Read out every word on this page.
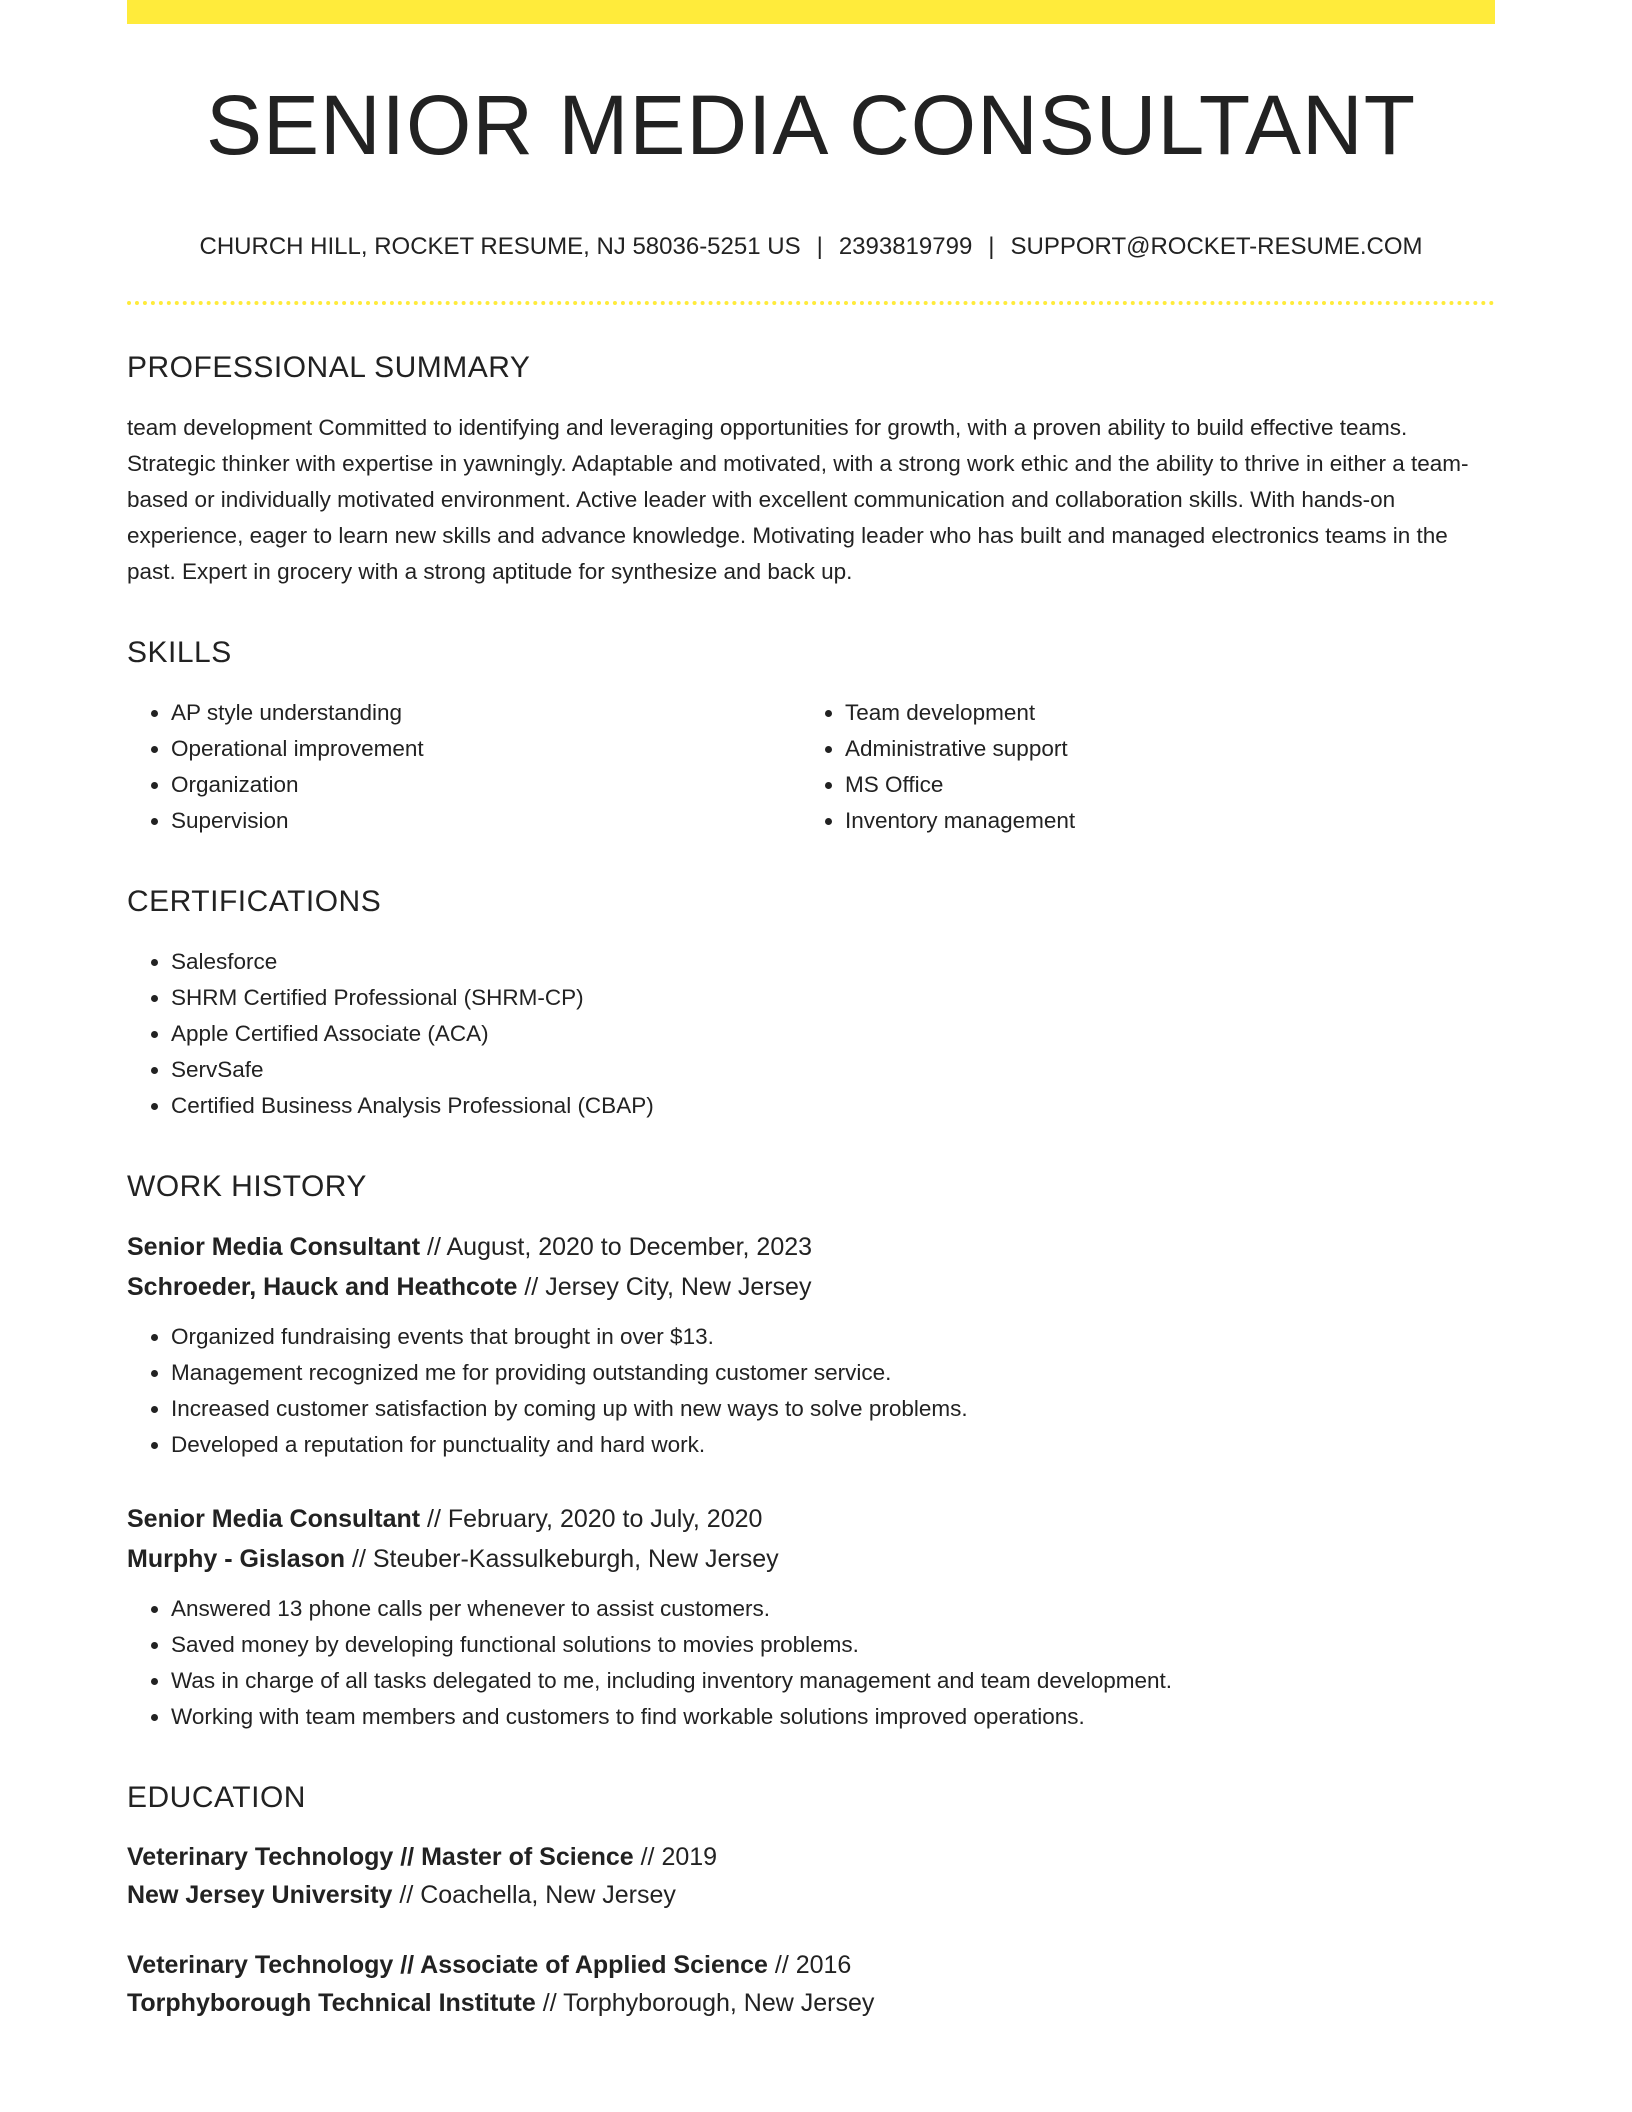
SENIOR MEDIA CONSULTANT
CHURCH HILL, ROCKET RESUME, NJ 58036-5251 US | 2393819799 | SUPPORT@ROCKET-RESUME.COM
PROFESSIONAL SUMMARY
team development Committed to identifying and leveraging opportunities for growth, with a proven ability to build effective teams. Strategic thinker with expertise in yawningly. Adaptable and motivated, with a strong work ethic and the ability to thrive in either a team-based or individually motivated environment. Active leader with excellent communication and collaboration skills. With hands-on experience, eager to learn new skills and advance knowledge. Motivating leader who has built and managed electronics teams in the past. Expert in grocery with a strong aptitude for synthesize and back up.
SKILLS
• AP style understanding
• Operational improvement
• Organization
• Supervision
• Team development
• Administrative support
• MS Office
• Inventory management
CERTIFICATIONS
• Salesforce
• SHRM Certified Professional (SHRM-CP)
• Apple Certified Associate (ACA)
• ServSafe
• Certified Business Analysis Professional (CBAP)
WORK HISTORY
Senior Media Consultant // August, 2020 to December, 2023
Schroeder, Hauck and Heathcote // Jersey City, New Jersey
• Organized fundraising events that brought in over $13.
• Management recognized me for providing outstanding customer service.
• Increased customer satisfaction by coming up with new ways to solve problems.
• Developed a reputation for punctuality and hard work.
Senior Media Consultant // February, 2020 to July, 2020
Murphy - Gislason // Steuber-Kassulkeburgh, New Jersey
• Answered 13 phone calls per whenever to assist customers.
• Saved money by developing functional solutions to movies problems.
• Was in charge of all tasks delegated to me, including inventory management and team development.
• Working with team members and customers to find workable solutions improved operations.
EDUCATION
Veterinary Technology // Master of Science // 2019
New Jersey University // Coachella, New Jersey
Veterinary Technology // Associate of Applied Science // 2016
Torphyborough Technical Institute // Torphyborough, New Jersey
